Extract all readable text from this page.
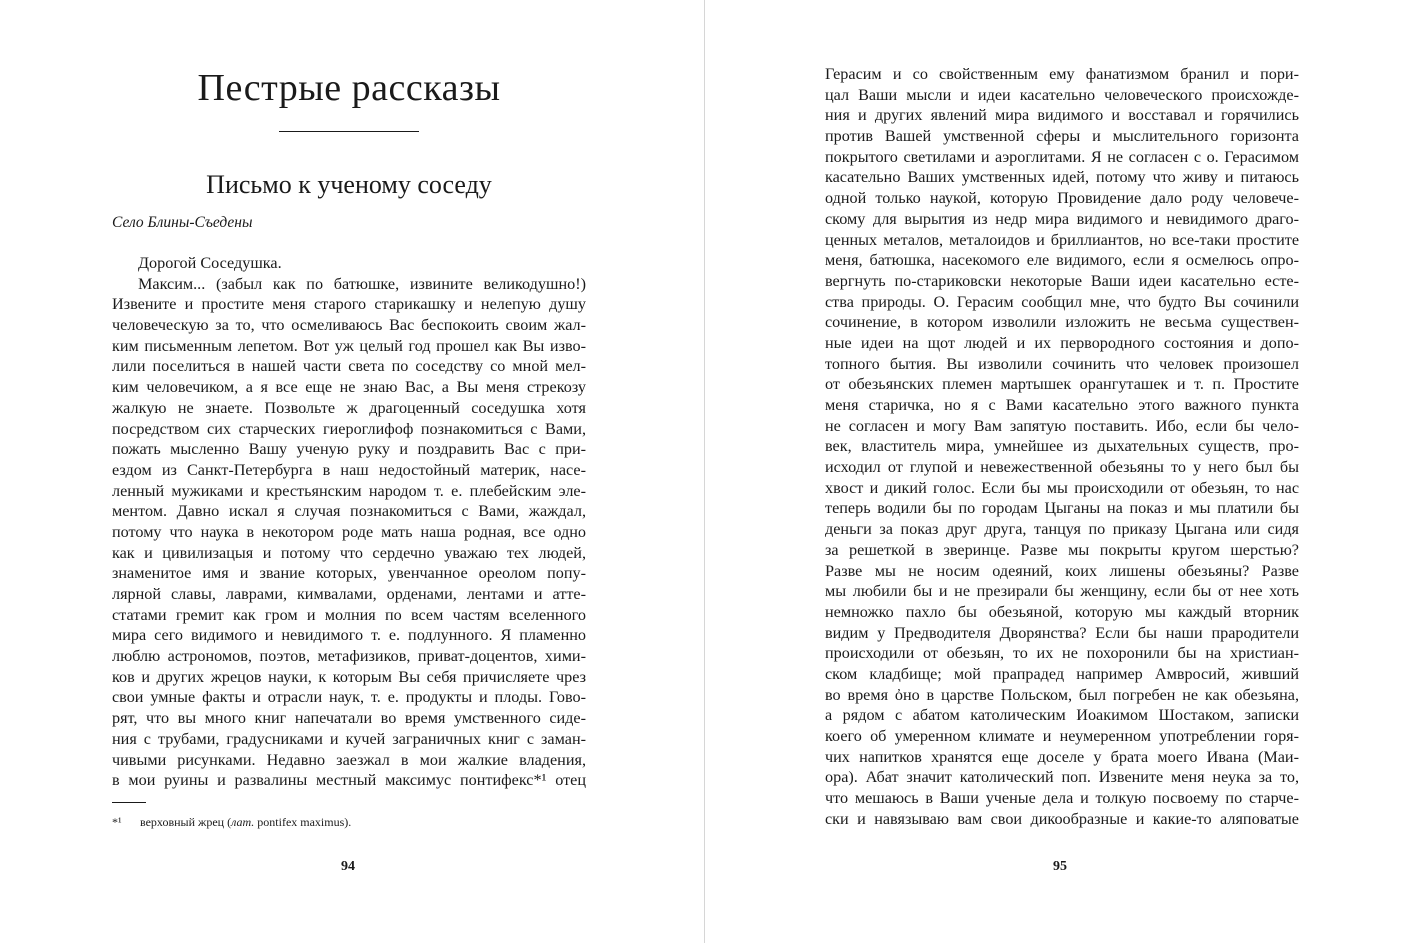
Пестрые рассказы
Письмо к ученому соседу
Село Блины-Съедены
Дорогой Соседушка.
Максим... (забыл как по батюшке, извините великодушно!)
Извените и простите меня старого старикашку и нелепую душу
человеческую за то, что осмеливаюсь Вас беспокоить своим жал-
ким письменным лепетом. Вот уж целый год прошел как Вы изво-
лили поселиться в нашей части света по соседству со мной мел-
ким человечиком, а я все еще не знаю Вас, а Вы меня стрекозу
жалкую не знаете. Позвольте ж драгоценный соседушка хотя
посредством сих старческих гиероглифоф познакомиться с Вами,
пожать мысленно Вашу ученую руку и поздравить Вас с при-
ездом из Санкт-Петербурга в наш недостойный материк, насе-
ленный мужиками и крестьянским народом т. е. плебейским эле-
ментом. Давно искал я случая познакомиться с Вами, жаждал,
потому что наука в некотором роде мать наша родная, все одно
как и цивилизацыя и потому что сердечно уважаю тех людей,
знаменитое имя и звание которых, увенчанное ореолом попу-
лярной славы, лаврами, кимвалами, орденами, лентами и атте-
статами гремит как гром и молния по всем частям вселенного
мира сего видимого и невидимого т. е. подлунного. Я пламенно
люблю астрономов, поэтов, метафизиков, приват-доцентов, хими-
ков и других жрецов науки, к которым Вы себя причисляете чрез
свои умные факты и отрасли наук, т. е. продукты и плоды. Гово-
рят, что вы много книг напечатали во время умственного сиде-
ния с трубами, градусниками и кучей заграничных книг с заман-
чивыми рисунками. Недавно заезжал в мои жалкие владения,
в мои руины и развалины местный максимус понтифекс*¹ отец
*¹ верховный жрец (лат. pontifex maximus).
94
Герасим и со свойственным ему фанатизмом бранил и пори-
цал Ваши мысли и идеи касательно человеческого происхожде-
ния и других явлений мира видимого и восставал и горячились
против Вашей умственной сферы и мыслительного горизонта
покрытого светилами и аэроглитами. Я не согласен с о. Герасимом
касательно Ваших умственных идей, потому что живу и питаюсь
одной только наукой, которую Провидение дало роду человече-
скому для вырытия из недр мира видимого и невидимого драго-
ценных металов, металоидов и бриллиантов, но все-таки простите
меня, батюшка, насекомого еле видимого, если я осмелюсь опро-
вергнуть по-стариковски некоторые Ваши идеи касательно есте-
ства природы. О. Герасим сообщил мне, что будто Вы сочинили
сочинение, в котором изволили изложить не весьма существен-
ные идеи на щот людей и их первородного состояния и допо-
топного бытия. Вы изволили сочинить что человек произошел
от обезьянских племен мартышек орангуташек и т. п. Простите
меня старичка, но я с Вами касательно этого важного пункта
не согласен и могу Вам запятую поставить. Ибо, если бы чело-
век, властитель мира, умнейшее из дыхательных существ, про-
исходил от глупой и невежественной обезьяны то у него был бы
хвост и дикий голос. Если бы мы происходили от обезьян, то нас
теперь водили бы по городам Цыганы на показ и мы платили бы
деньги за показ друг друга, танцуя по приказу Цыгана или сидя
за решеткой в зверинце. Разве мы покрыты кругом шерстью?
Разве мы не носим одеяний, коих лишены обезьяны? Разве
мы любили бы и не презирали бы женщину, если бы от нее хоть
немножко пахло бы обезьяной, которую мы каждый вторник
видим у Предводителя Дворянства? Если бы наши прародители
происходили от обезьян, то их не похоронили бы на христиан-
ском кладбище; мой прапрадед например Амвросий, живший
во время ὀно в царстве Польском, был погребен не как обезьяна,
а рядом с абатом католическим Иоакимом Шостаком, записки
коего об умеренном климате и неумеренном употреблении горя-
чих напитков хранятся еще доселе у брата моего Ивана (Маи-
ора). Абат значит католический поп. Извените меня неука за то,
что мешаюсь в Ваши ученые дела и толкую посвоему по старче-
ски и навязываю вам свои дикообразные и какие-то аляповатые
95
